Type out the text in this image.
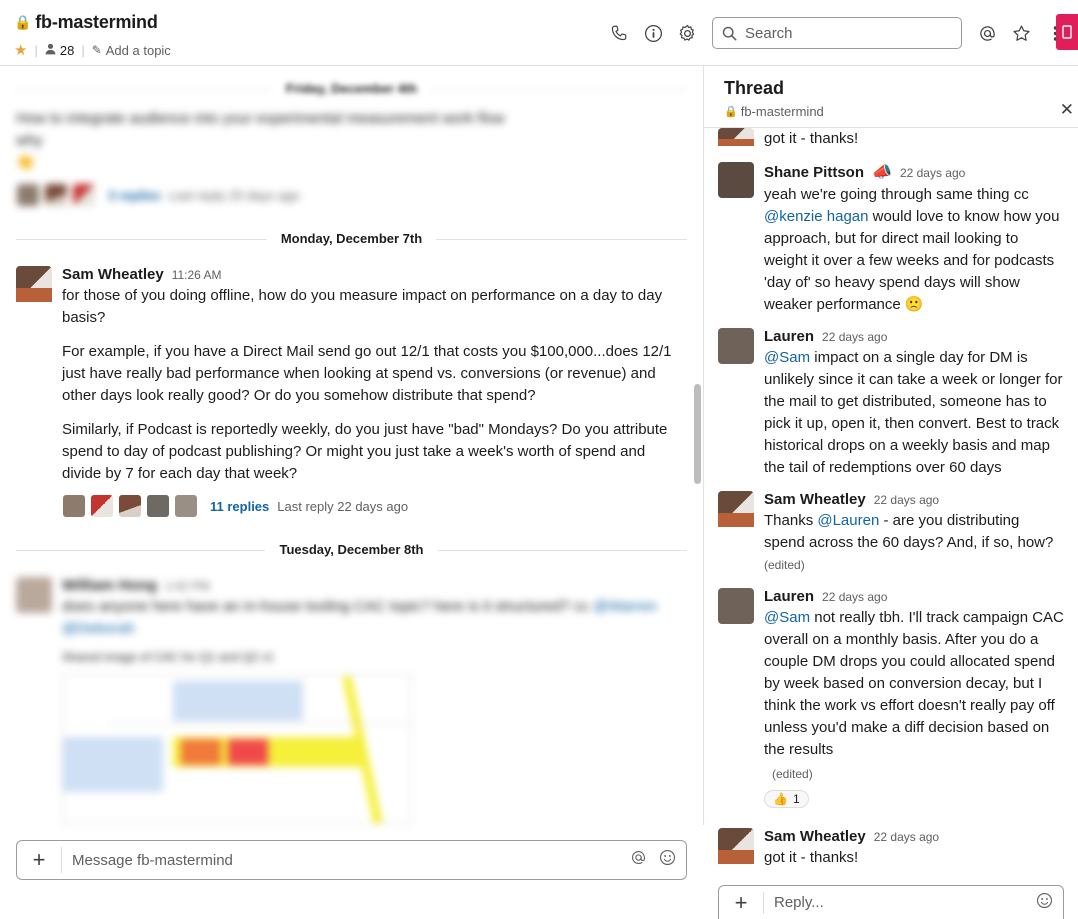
🔒 fb-mastermind
★ | 28 | ✎ Add a topic
Search
Friday, December 4th
How to integrate audience into your experimental measurement work flow
why
👏
3 replies Last reply 20 days ago
Monday, December 7th
Sam Wheatley 11:26 AM

for those of you doing offline, how do you measure impact on performance on a day to day basis?

For example, if you have a Direct Mail send go out 12/1 that costs you $100,000...does 12/1 just have really bad performance when looking at spend vs. conversions (or revenue) and other days look really good? Or do you somehow distribute that spend?

Similarly, if Podcast is reportedly weekly, do you just have "bad" Mondays? Do you attribute spend to day of podcast publishing? Or might you just take a week's worth of spend and divide by 7 for each day that week?

11 replies Last reply 22 days ago
Tuesday, December 8th
William Hong 1:42 PM
does anyone here have an in-house tooling CAC topic? here is it structured? cc @Warren @Deborah
Shared image of CAC for Q1 and Q2 v1
+	Message fb-mastermind
Thread
🔒 fb-mastermind	✕
got it - thanks!
Shane Pittson 📣 22 days ago
yeah we're going through same thing cc @kenzie hagan would love to know how you approach, but for direct mail looking to weight it over a few weeks and for podcasts 'day of' so heavy spend days will show weaker performance 🙁
Lauren 22 days ago
@Sam impact on a single day for DM is unlikely since it can take a week or longer for the mail to get distributed, someone has to pick it up, open it, then convert. Best to track historical drops on a weekly basis and map the tail of redemptions over 60 days
Sam Wheatley 22 days ago
Thanks @Lauren - are you distributing spend across the 60 days? And, if so, how? (edited)
Lauren 22 days ago
@Sam not really tbh. I'll track campaign CAC overall on a monthly basis. After you do a couple DM drops you could allocated spend by week based on conversion decay, but I think the work vs effort doesn't really pay off unless you'd make a diff decision based on the results
(edited)
👍 1
Sam Wheatley 22 days ago
got it - thanks!
+	Reply...
